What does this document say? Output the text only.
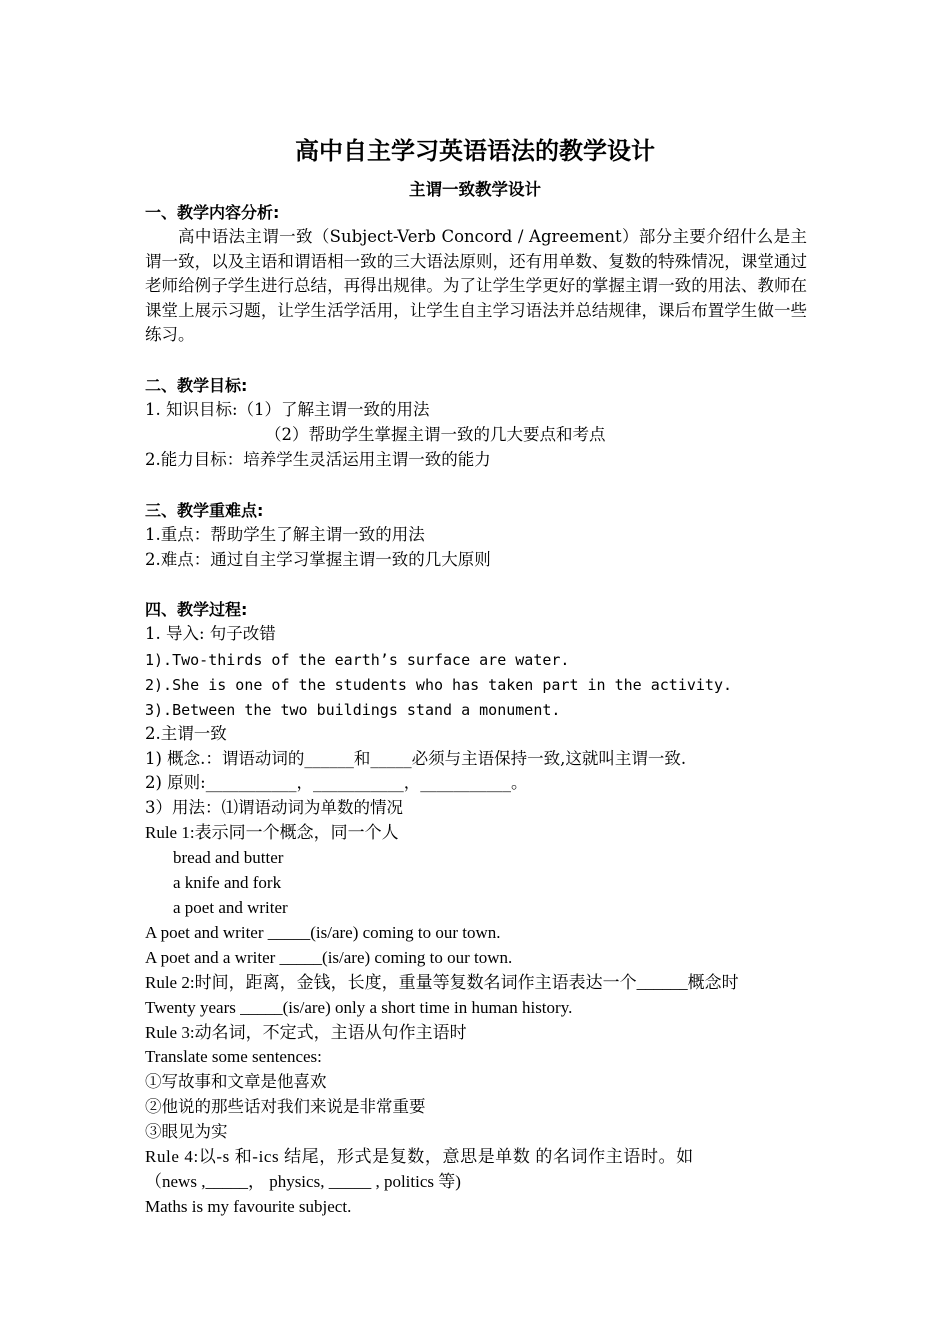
高中自主学习英语语法的教学设计
主谓一致教学设计
一、教学内容分析:
高中语法主谓一致（Subject-Verb Concord / Agreement）部分主要介绍什么是主谓一致，以及主语和谓语相一致的三大语法原则，还有用单数、复数的特殊情况，课堂通过老师给例子学生进行总结，再得出规律。为了让学生学更好的掌握主谓一致的用法、教师在课堂上展示习题，让学生活学活用，让学生自主学习语法并总结规律，课后布置学生做一些练习。
二、教学目标:
1. 知识目标:（1）了解主谓一致的用法
（2）帮助学生掌握主谓一致的几大要点和考点
2.能力目标：培养学生灵活运用主谓一致的能力
三、教学重难点:
1.重点：帮助学生了解主谓一致的用法
2.难点：通过自主学习掌握主谓一致的几大原则
四、教学过程:
1. 导入: 句子改错
1).Two-thirds of the earth’s surface are water.
2).She is one of the students who has taken part in the activity.
3).Between the two buildings stand a monument.
2.主谓一致
1) 概念.：谓语动词的______和_____必须与主语保持一致,这就叫主谓一致.
2) 原则:___________，___________，___________。
3）用法：⑴谓语动词为单数的情况
Rule 1:表示同一个概念，同一个人
bread and butter
a knife and fork
a poet and writer
A poet and writer _____(is/are) coming to our town.
A poet and a writer _____(is/are) coming to our town.
Rule 2:时间，距离，金钱，长度，重量等复数名词作主语表达一个______概念时
Twenty years _____(is/are) only a short time in human history.
Rule 3:动名词，不定式，主语从句作主语时
Translate some sentences:
①写故事和文章是他喜欢
②他说的那些话对我们来说是非常重要
③眼见为实
Rule 4:以-s 和-ics 结尾，形式是复数，意思是单数 的名词作主语时。如
（news ,_____， physics, _____ , politics 等)
Maths is my favourite subject.
